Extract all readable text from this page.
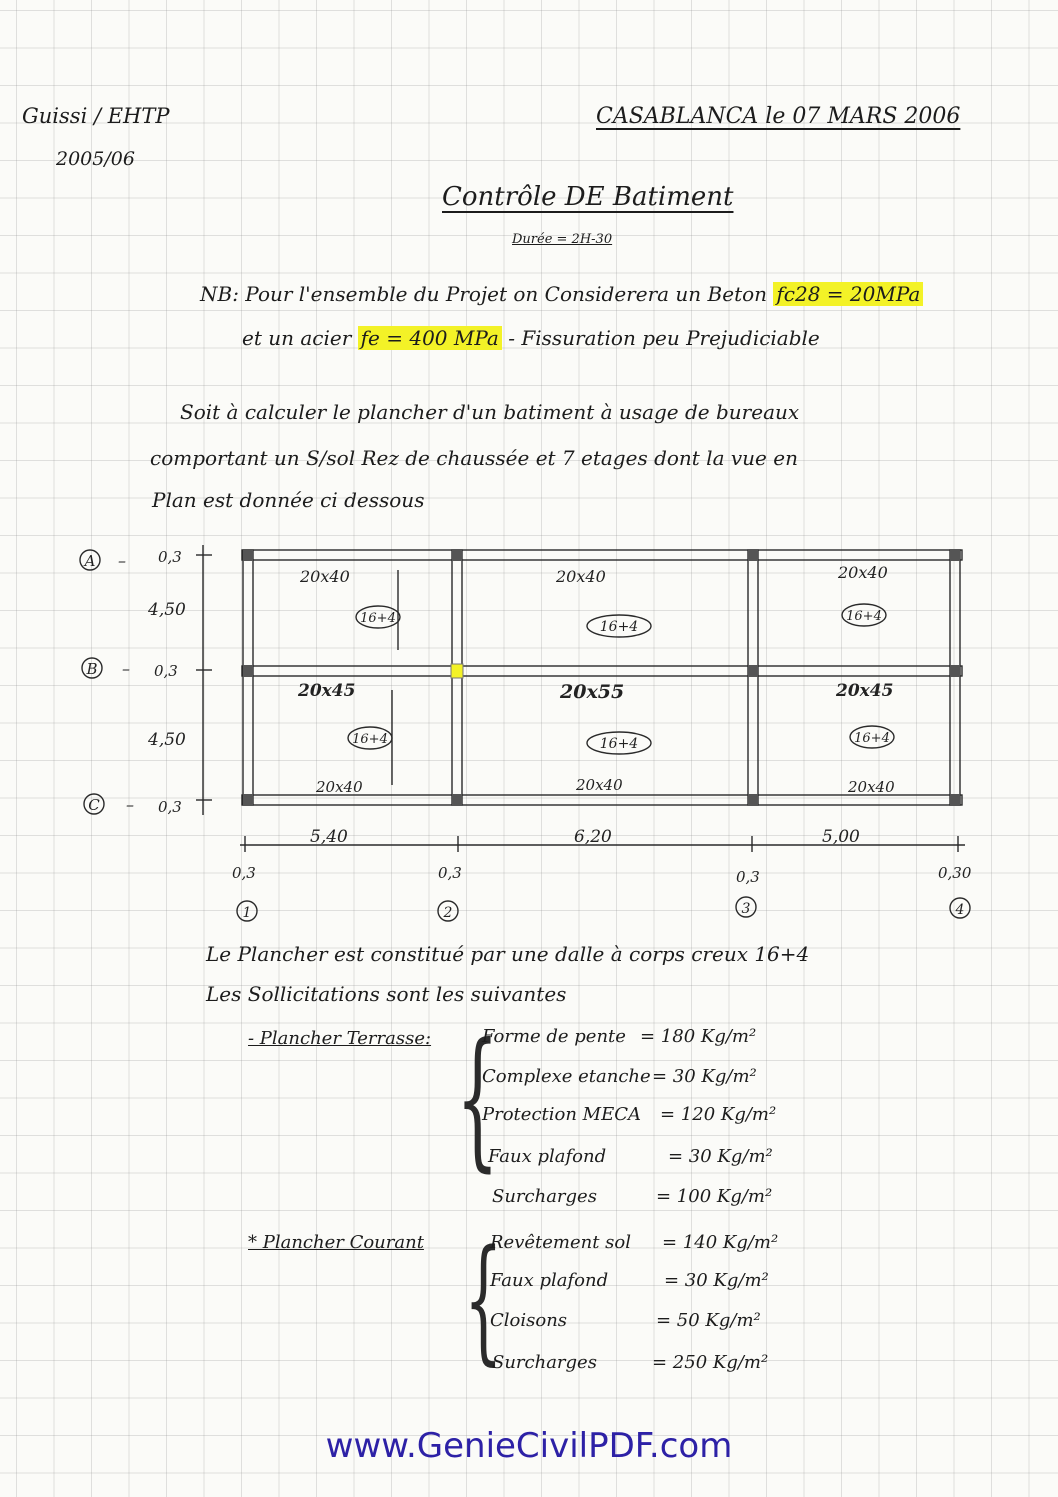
Guissi / EHTP
2005/06
CASABLANCA le 07 MARS 2006
Contrôle DE Batiment
Durée = 2H-30
NB: Pour l'ensemble du Projet on Considerera un Beton fc28 = 20MPa
et un acier fe = 400 MPa - Fissuration peu Prejudiciable
Soit à calculer le plancher d'un batiment à usage de bureaux
comportant un S/sol Rez de chaussée et 7 etages dont la vue en
Plan est donnée ci dessous
A
B
C
–
–
–
0,3
0,3
0,3
4,50
4,50
1	2	3	4
0,3	0,3	0,3	0,30
5,40	6,20	5,00
20x40	20x40	20x40
20x45	20x55	20x45
20x40	20x40	20x40
16+4
16+4
16+4
16+4	16+4	16+4
Le Plancher est constitué par une dalle à corps creux 16+4
Les Sollicitations sont les suivantes
- Plancher Terrasse: {
Forme de pente = 180 Kg/m²
Complexe etanche = 30 Kg/m²
Protection MECA = 120 Kg/m²
Faux plafond	= 30 Kg/m²
Surcharges	= 100 Kg/m²
* Plancher Courant {
Revêtement sol = 140 Kg/m²
Faux plafond	= 30 Kg/m²
Cloisons	= 50 Kg/m²
Surcharges	= 250 Kg/m²
www.GenieCivilPDF.com
